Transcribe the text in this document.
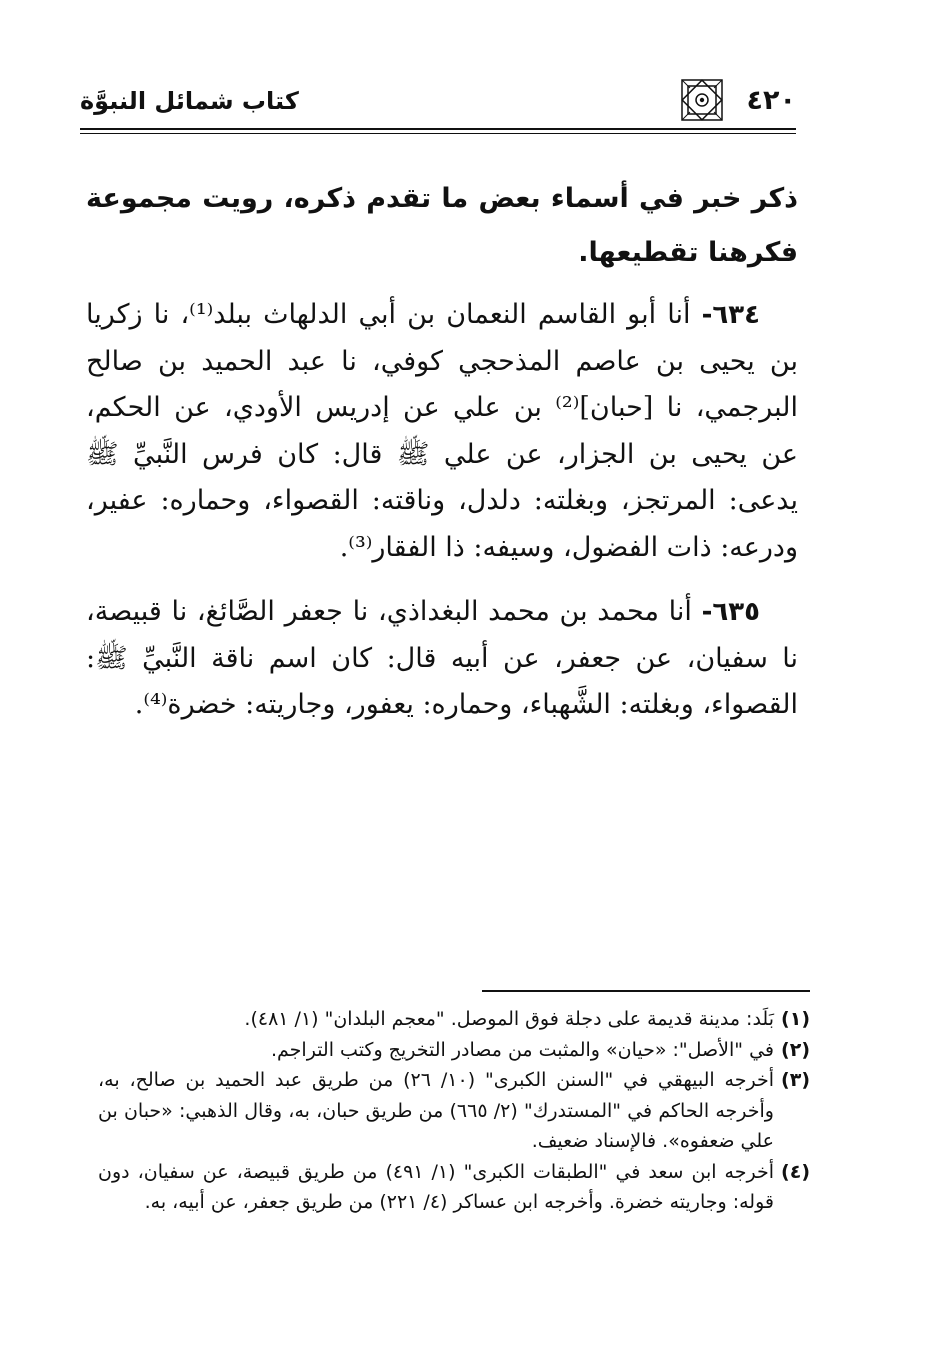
٤٢٠
كتاب شمائل النبوَّة

ذكر خبر في أسماء بعض ما تقدم ذكره، رويت مجموعة فكرهنا تقطيعها.

٦٣٤- أنا أبو القاسم النعمان بن أبي الدلهاث ببلد⁽¹⁾، نا زكريا بن يحيى بن عاصم المذحجي كوفي، نا عبد الحميد بن صالح البرجمي، نا [حبان]⁽²⁾ بن علي عن إدريس الأودي، عن الحكم، عن يحيى بن الجزار، عن علي ﷺ قال: كان فرس النَّبيِّ ﷺ يدعى: المرتجز، وبغلته: دلدل، وناقته: القصواء، وحماره: عفير، ودرعه: ذات الفضول، وسيفه: ذا الفقار⁽³⁾.

٦٣٥- أنا محمد بن محمد البغداذي، نا جعفر الصَّائغ، نا قبيصة، نا سفيان، عن جعفر، عن أبيه قال: كان اسم ناقة النَّبيِّ ﷺ: القصواء، وبغلته: الشَّهباء، وحماره: يعفور، وجاريته: خضرة⁽⁴⁾.

(١)
بَلَد: مدينة قديمة على دجلة فوق الموصل. "معجم البلدان" (١/ ٤٨١).
(٢)
في "الأصل": «حيان» والمثبت من مصادر التخريج وكتب التراجم.
(٣)
أخرجه البيهقي في "السنن الكبرى" (١٠/ ٢٦) من طريق عبد الحميد بن صالح، به، وأخرجه الحاكم في "المستدرك" (٢/ ٦٦٥) من طريق حبان، به، وقال الذهبي: «حبان بن علي ضعفوه». فالإسناد ضعيف.
(٤)
أخرجه ابن سعد في "الطبقات الكبرى" (١/ ٤٩١) من طريق قبيصة، عن سفيان، دون قوله: وجاريته خضرة. وأخرجه ابن عساكر (٤/ ٢٢١) من طريق جعفر، عن أبيه، به.
